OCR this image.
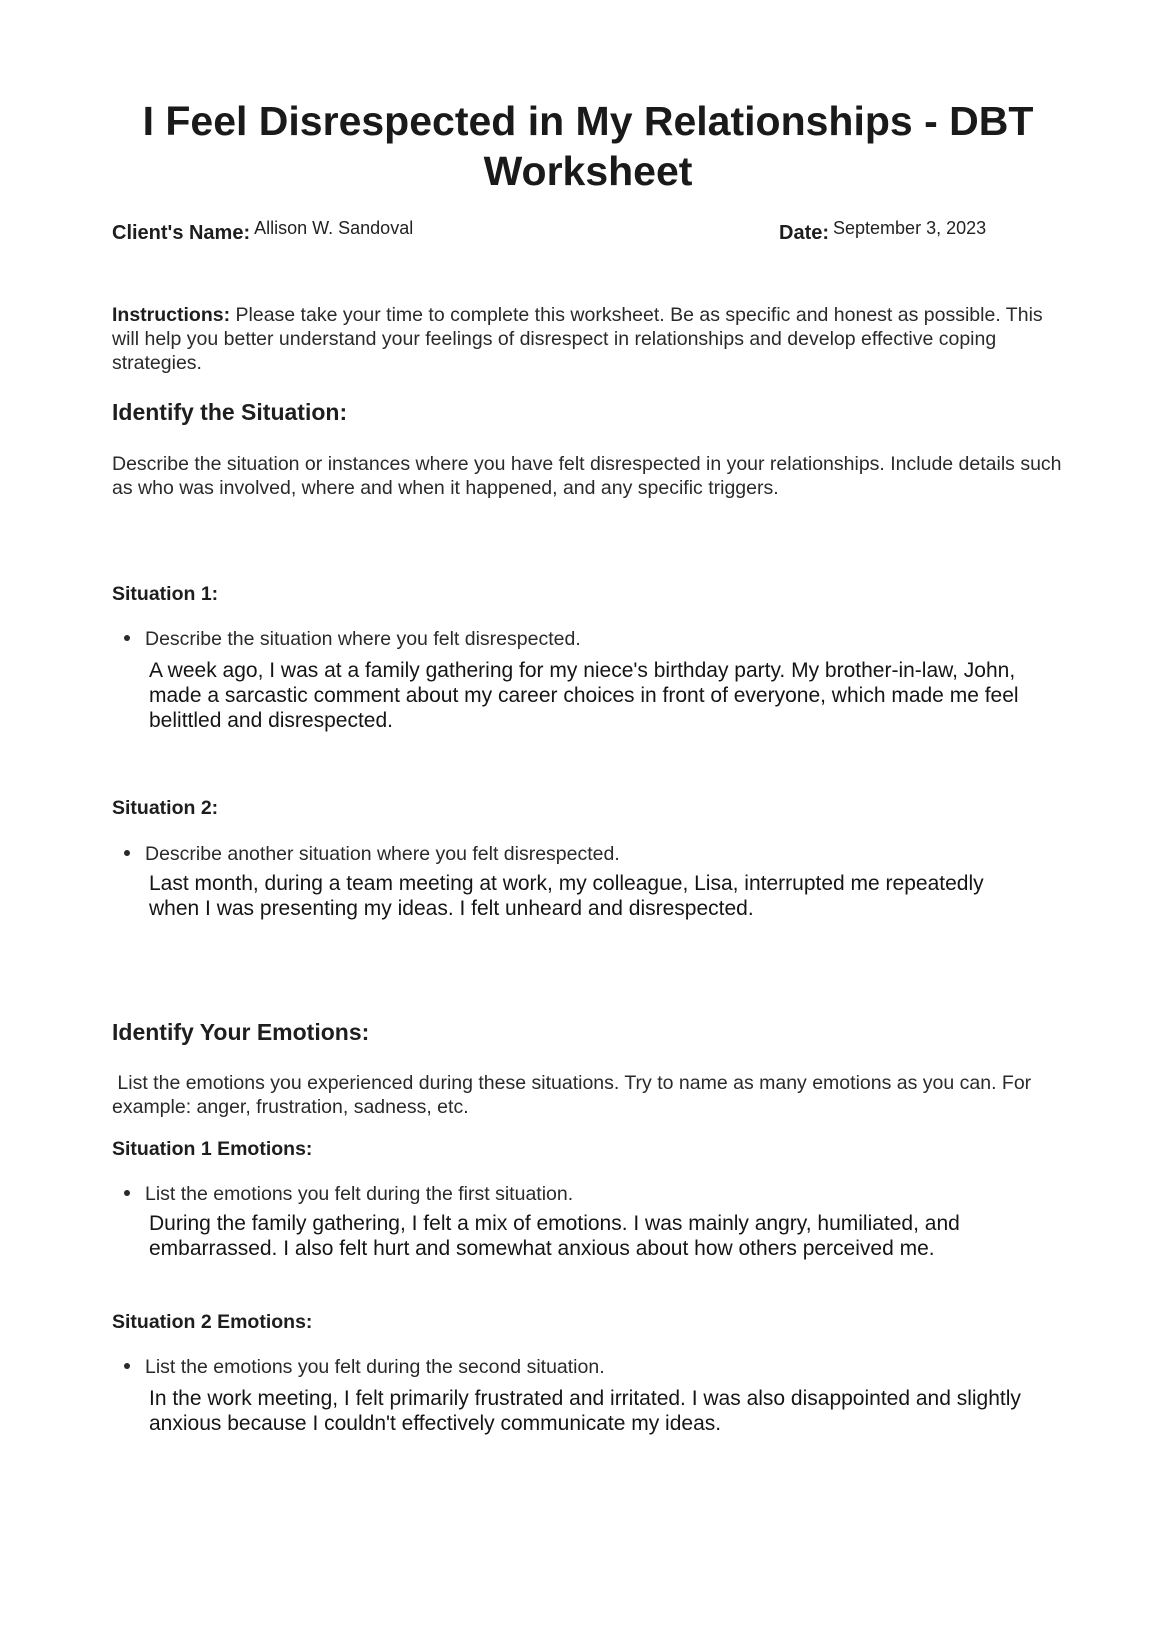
I Feel Disrespected in My Relationships - DBT Worksheet
Client's Name: Allison W. Sandoval	Date: September 3, 2023

Instructions: Please take your time to complete this worksheet. Be as specific and honest as possible. This will help you better understand your feelings of disrespect in relationships and develop effective coping strategies.

Identify the Situation:

Describe the situation or instances where you have felt disrespected in your relationships. Include details such as who was involved, where and when it happened, and any specific triggers.

Situation 1:
Describe the situation where you felt disrespected.
A week ago, I was at a family gathering for my niece's birthday party. My brother-in-law, John, made a sarcastic comment about my career choices in front of everyone, which made me feel belittled and disrespected.
Situation 2:
Describe another situation where you felt disrespected.
Last month, during a team meeting at work, my colleague, Lisa, interrupted me repeatedly when I was presenting my ideas. I felt unheard and disrespected.
Identify Your Emotions:

List the emotions you experienced during these situations. Try to name as many emotions as you can. For example: anger, frustration, sadness, etc.

Situation 1 Emotions:
List the emotions you felt during the first situation.
During the family gathering, I felt a mix of emotions. I was mainly angry, humiliated, and embarrassed. I also felt hurt and somewhat anxious about how others perceived me.
Situation 2 Emotions:
List the emotions you felt during the second situation.
In the work meeting, I felt primarily frustrated and irritated. I was also disappointed and slightly anxious because I couldn't effectively communicate my ideas.
